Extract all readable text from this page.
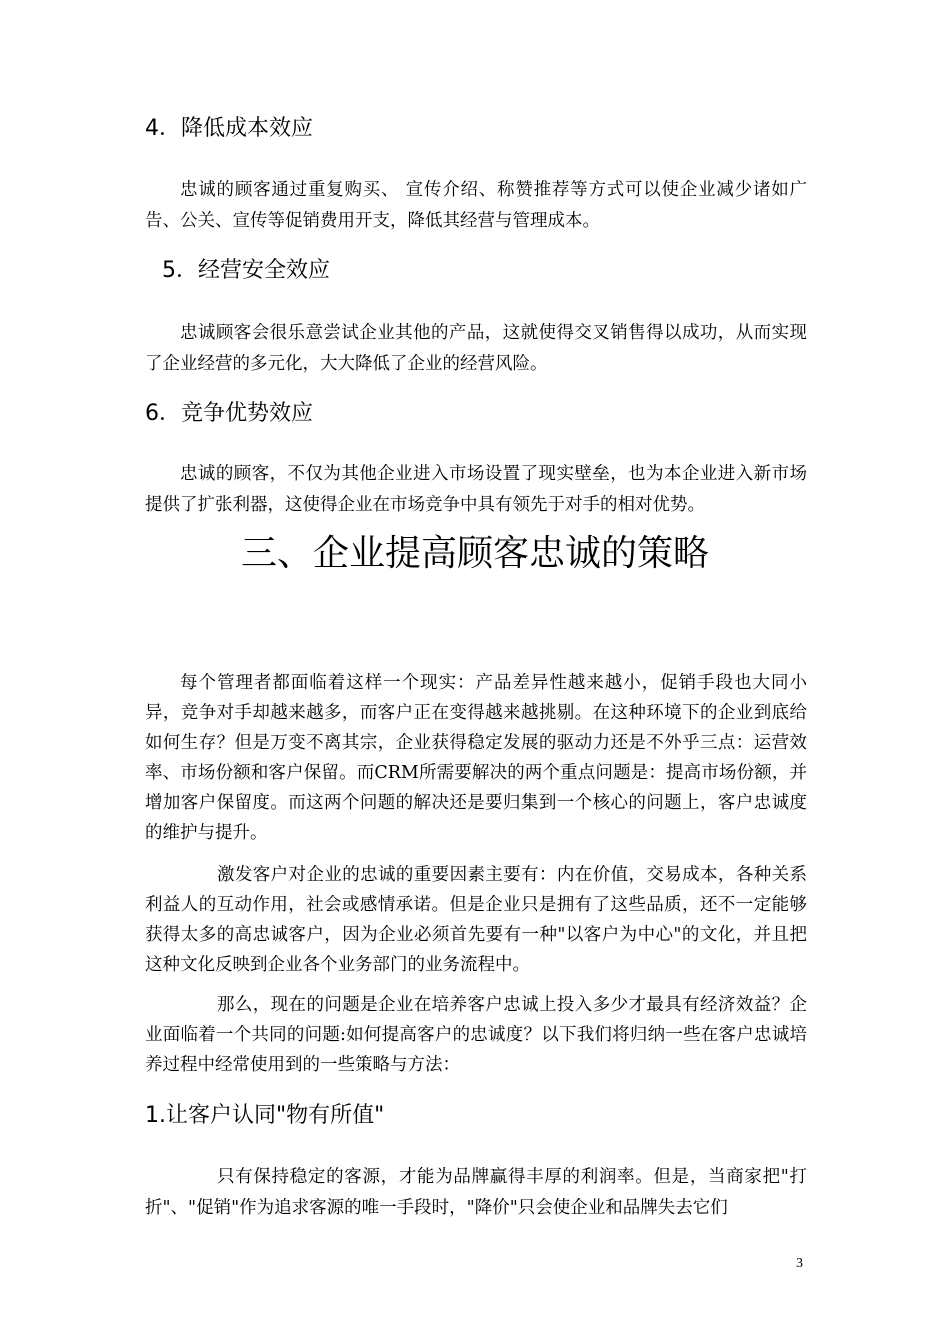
4．降低成本效应

忠诚的顾客通过重复购买、 宣传介绍、称赞推荐等方式可以使企业减少诸如广告、公关、宣传等促销费用开支，降低其经营与管理成本。

5．经营安全效应

忠诚顾客会很乐意尝试企业其他的产品，这就使得交叉销售得以成功，从而实现了企业经营的多元化，大大降低了企业的经营风险。

6．竞争优势效应

忠诚的顾客，不仅为其他企业进入市场设置了现实壁垒，也为本企业进入新市场提供了扩张利器，这使得企业在市场竞争中具有领先于对手的相对优势。

三、企业提高顾客忠诚的策略

每个管理者都面临着这样一个现实：产品差异性越来越小，促销手段也大同小异，竞争对手却越来越多，而客户正在变得越来越挑剔。在这种环境下的企业到底给如何生存？但是万变不离其宗，企业获得稳定发展的驱动力还是不外乎三点：运营效率、市场份额和客户保留。而CRM所需要解决的两个重点问题是：提高市场份额，并增加客户保留度。而这两个问题的解决还是要归集到一个核心的问题上，客户忠诚度的维护与提升。

激发客户对企业的忠诚的重要因素主要有：内在价值，交易成本，各种关系利益人的互动作用，社会或感情承诺。但是企业只是拥有了这些品质，还不一定能够获得太多的高忠诚客户，因为企业必须首先要有一种"以客户为中心"的文化，并且把这种文化反映到企业各个业务部门的业务流程中。

那么，现在的问题是企业在培养客户忠诚上投入多少才最具有经济效益？企业面临着一个共同的问题:如何提高客户的忠诚度？以下我们将归纳一些在客户忠诚培养过程中经常使用到的一些策略与方法：

1.让客户认同"物有所值"

只有保持稳定的客源，才能为品牌赢得丰厚的利润率。但是，当商家把"打折"、"促销"作为追求客源的唯一手段时，"降价"只会使企业和品牌失去它们

3
